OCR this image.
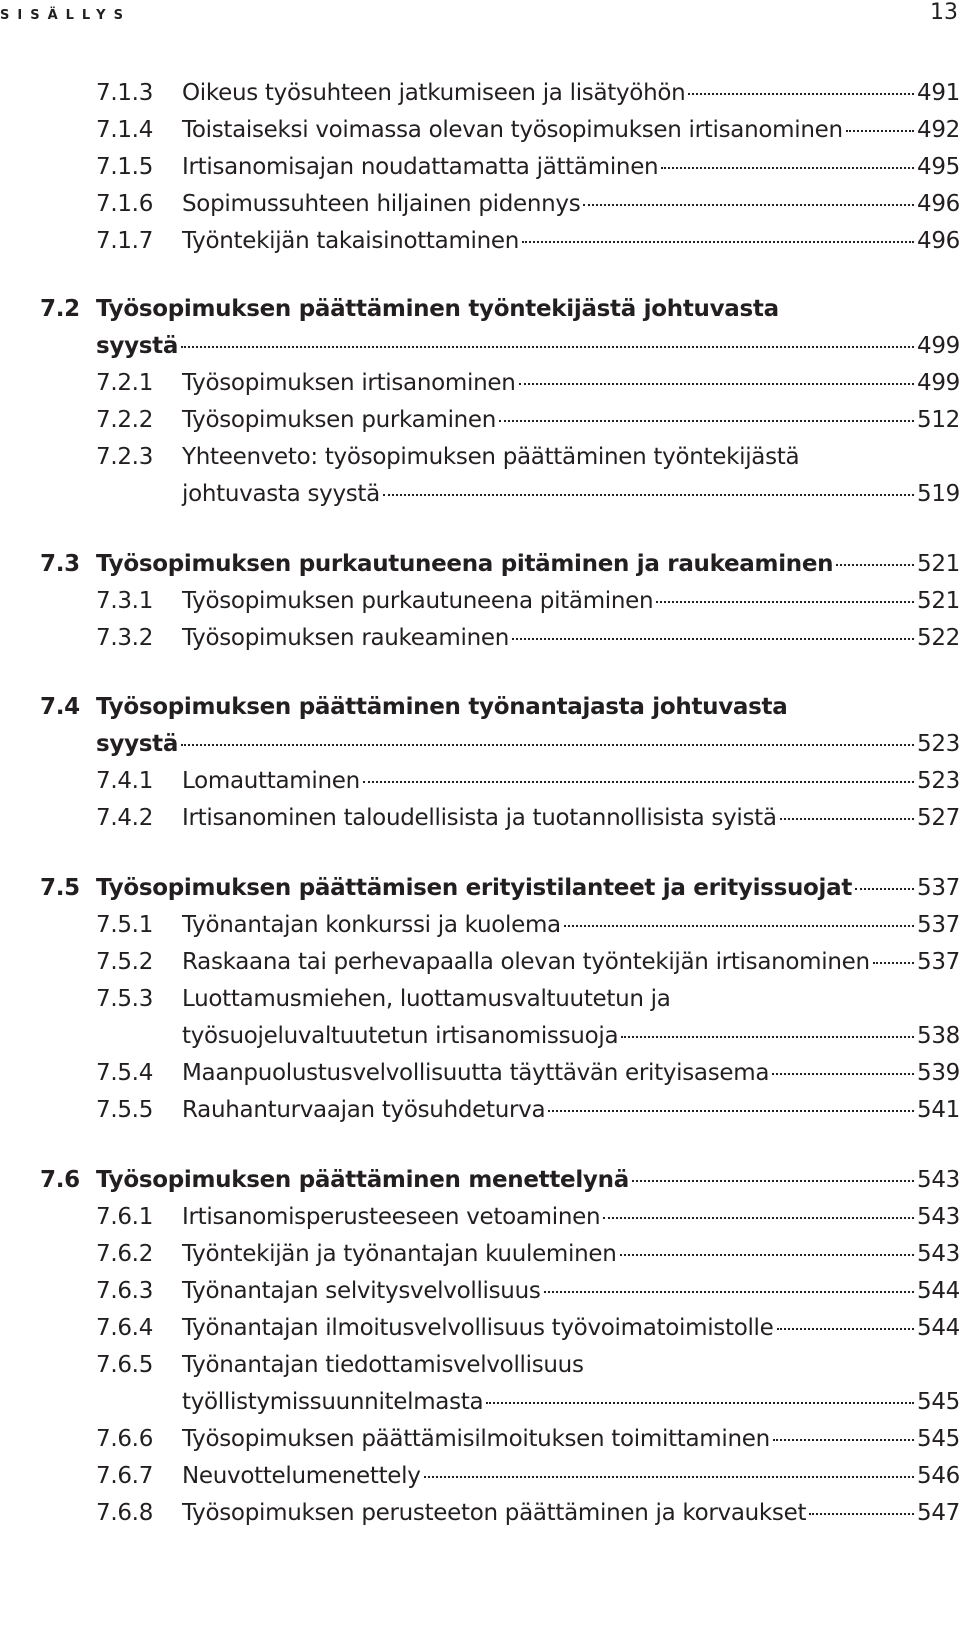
SISÄLLYS	13
7.1.3 Oikeus työsuhteen jatkumiseen ja lisätyöhön	491
7.1.4 Toistaiseksi voimassa olevan työsopimuksen irtisanominen	492
7.1.5 Irtisanomisajan noudattamatta jättäminen	495
7.1.6 Sopimussuhteen hiljainen pidennys	496
7.1.7 Työntekijän takaisinottaminen	496
7.2 Työsopimuksen päättäminen työntekijästä johtuvasta
syystä	499
7.2.1 Työsopimuksen irtisanominen	499
7.2.2 Työsopimuksen purkaminen	512
7.2.3 Yhteenveto: työsopimuksen päättäminen työntekijästä
johtuvasta syystä	519
7.3 Työsopimuksen purkautuneena pitäminen ja raukeaminen	521
7.3.1 Työsopimuksen purkautuneena pitäminen	521
7.3.2 Työsopimuksen raukeaminen	522
7.4 Työsopimuksen päättäminen työnantajasta johtuvasta
syystä	523
7.4.1 Lomauttaminen	523
7.4.2 Irtisanominen taloudellisista ja tuotannollisista syistä	527
7.5 Työsopimuksen päättämisen erityistilanteet ja erityissuojat	537
7.5.1 Työnantajan konkurssi ja kuolema	537
7.5.2 Raskaana tai perhevapaalla olevan työntekijän irtisanominen 537
7.5.3 Luottamusmiehen, luottamusvaltuutetun ja
työsuojeluvaltuutetun irtisanomissuoja	538
7.5.4 Maanpuolustusvelvollisuutta täyttävän erityisasema	539
7.5.5 Rauhanturvaajan työsuhdeturva	541
7.6 Työsopimuksen päättäminen menettelynä	543
7.6.1 Irtisanomisperusteeseen vetoaminen	543
7.6.2 Työntekijän ja työnantajan kuuleminen	543
7.6.3 Työnantajan selvitysvelvollisuus	544
7.6.4 Työnantajan ilmoitusvelvollisuus työvoimatoimistolle	544
7.6.5 Työnantajan tiedottamisvelvollisuus
työllistymissuunnitelmasta	545
7.6.6 Työsopimuksen päättämisilmoituksen toimittaminen	545
7.6.7 Neuvottelumenettely	546
7.6.8 Työsopimuksen perusteeton päättäminen ja korvaukset	547
